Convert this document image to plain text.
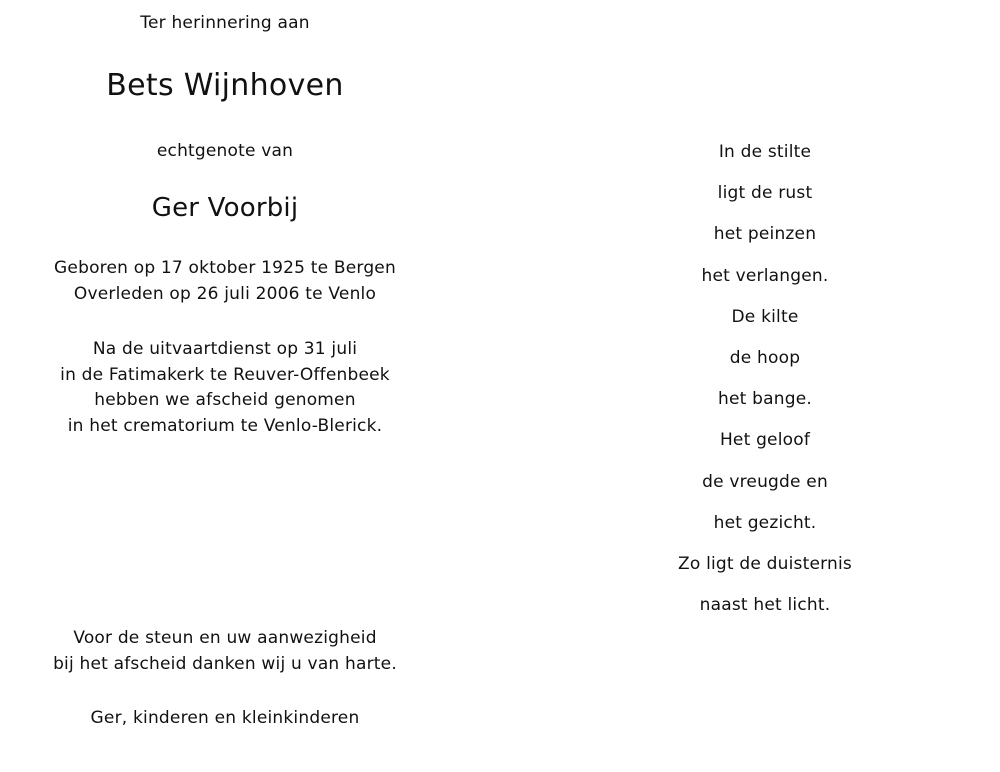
Ter herinnering aan
Bets Wijnhoven
echtgenote van
Ger Voorbij
Geboren op 17 oktober 1925 te Bergen
Overleden op 26 juli 2006 te Venlo
Na de uitvaartdienst op 31 juli
in de Fatimakerk te Reuver-Offenbeek
hebben we afscheid genomen
in het crematorium te Venlo-Blerick.
Voor de steun en uw aanwezigheid
bij het afscheid danken wij u van harte.
Ger, kinderen en kleinkinderen
In de stilte
ligt de rust
het peinzen
het verlangen.
De kilte
de hoop
het bange.
Het geloof
de vreugde en
het gezicht.
Zo ligt de duisternis
naast het licht.
